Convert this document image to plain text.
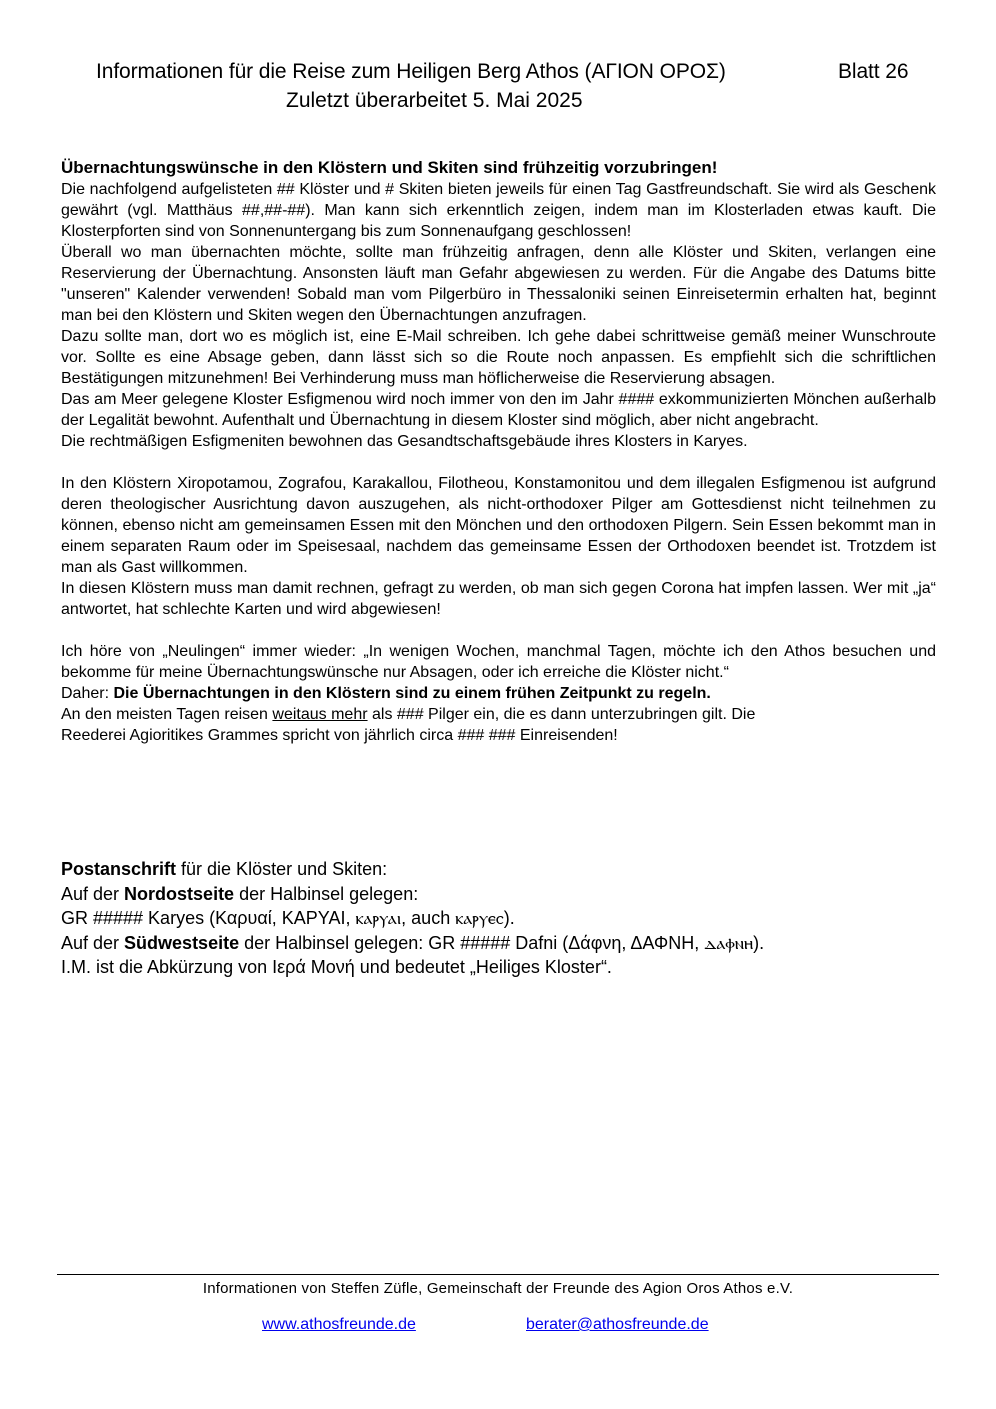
Informationen für die Reise zum Heiligen Berg Athos (ΑΓΙΟΝ ΟΡΟΣ)	Blatt 26
Zuletzt überarbeitet 5. Mai 2025

Übernachtungswünsche in den Klöstern und Skiten sind frühzeitig vorzubringen!

Die nachfolgend aufgelisteten ## Klöster und # Skiten bieten jeweils für einen Tag Gastfreundschaft. Sie wird als Geschenk gewährt (vgl. Matthäus ##,##-##). Man kann sich erkenntlich zeigen, indem man im Klosterladen etwas kauft. Die Klosterpforten sind von Sonnenuntergang bis zum Sonnenaufgang geschlossen!

Überall wo man übernachten möchte, sollte man frühzeitig anfragen, denn alle Klöster und Skiten, verlangen eine Reservierung der Übernachtung. Ansonsten läuft man Gefahr abgewiesen zu werden. Für die Angabe des Datums bitte "unseren" Kalender verwenden! Sobald man vom Pilgerbüro in Thessaloniki seinen Einreisetermin erhalten hat, beginnt man bei den Klöstern und Skiten wegen den Übernachtungen anzufragen.

Dazu sollte man, dort wo es möglich ist, eine E-Mail schreiben. Ich gehe dabei schrittweise gemäß meiner Wunschroute vor. Sollte es eine Absage geben, dann lässt sich so die Route noch anpassen. Es empfiehlt sich die schriftlichen Bestätigungen mitzunehmen! Bei Verhinderung muss man höflicherweise die Reservierung absagen.

Das am Meer gelegene Kloster Esfigmenou wird noch immer von den im Jahr #### exkommunizierten Mönchen außerhalb der Legalität bewohnt. Aufenthalt und Übernachtung in diesem Kloster sind möglich, aber nicht angebracht.

Die rechtmäßigen Esfigmeniten bewohnen das Gesandtschaftsgebäude ihres Klosters in Karyes.

In den Klöstern Xiropotamou, Zografou, Karakallou, Filotheou, Konstamonitou und dem illegalen Esfigmenou ist aufgrund deren theologischer Ausrichtung davon auszugehen, als nicht-orthodoxer Pilger am Gottesdienst nicht teilnehmen zu können, ebenso nicht am gemeinsamen Essen mit den Mönchen und den orthodoxen Pilgern. Sein Essen bekommt man in einem separaten Raum oder im Speisesaal, nachdem das gemeinsame Essen der Orthodoxen beendet ist. Trotzdem ist man als Gast willkommen.

In diesen Klöstern muss man damit rechnen, gefragt zu werden, ob man sich gegen Corona hat impfen lassen. Wer mit „ja“ antwortet, hat schlechte Karten und wird abgewiesen!

Ich höre von „Neulingen“ immer wieder: „In wenigen Wochen, manchmal Tagen, möchte ich den Athos besuchen und bekomme für meine Übernachtungswünsche nur Absagen, oder ich erreiche die Klöster nicht.“

Daher: Die Übernachtungen in den Klöstern sind zu einem frühen Zeitpunkt zu regeln.

An den meisten Tagen reisen weitaus mehr als ### Pilger ein, die es dann unterzubringen gilt. Die

Reederei Agioritikes Grammes spricht von jährlich circa ### ### Einreisenden!

Postanschrift für die Klöster und Skiten:

Auf der Nordostseite der Halbinsel gelegen:

GR ##### Karyes (Καρυαί, ΚΑΡΥΑΙ, ⲕⲁⲣⲩⲁⲓ, auch ⲕⲁⲣⲩⲉⲥ).

Auf der Südwestseite der Halbinsel gelegen: GR ##### Dafni (Δάφνη, ΔΑΦΝΗ, ⲇⲁⲫⲛⲏ).

I.M. ist die Abkürzung von Ιερά Μονή und bedeutet „Heiliges Kloster“.

Informationen von Steffen Züfle, Gemeinschaft der Freunde des Agion Oros Athos e.V.
www.athosfreunde.de	berater@athosfreunde.de
